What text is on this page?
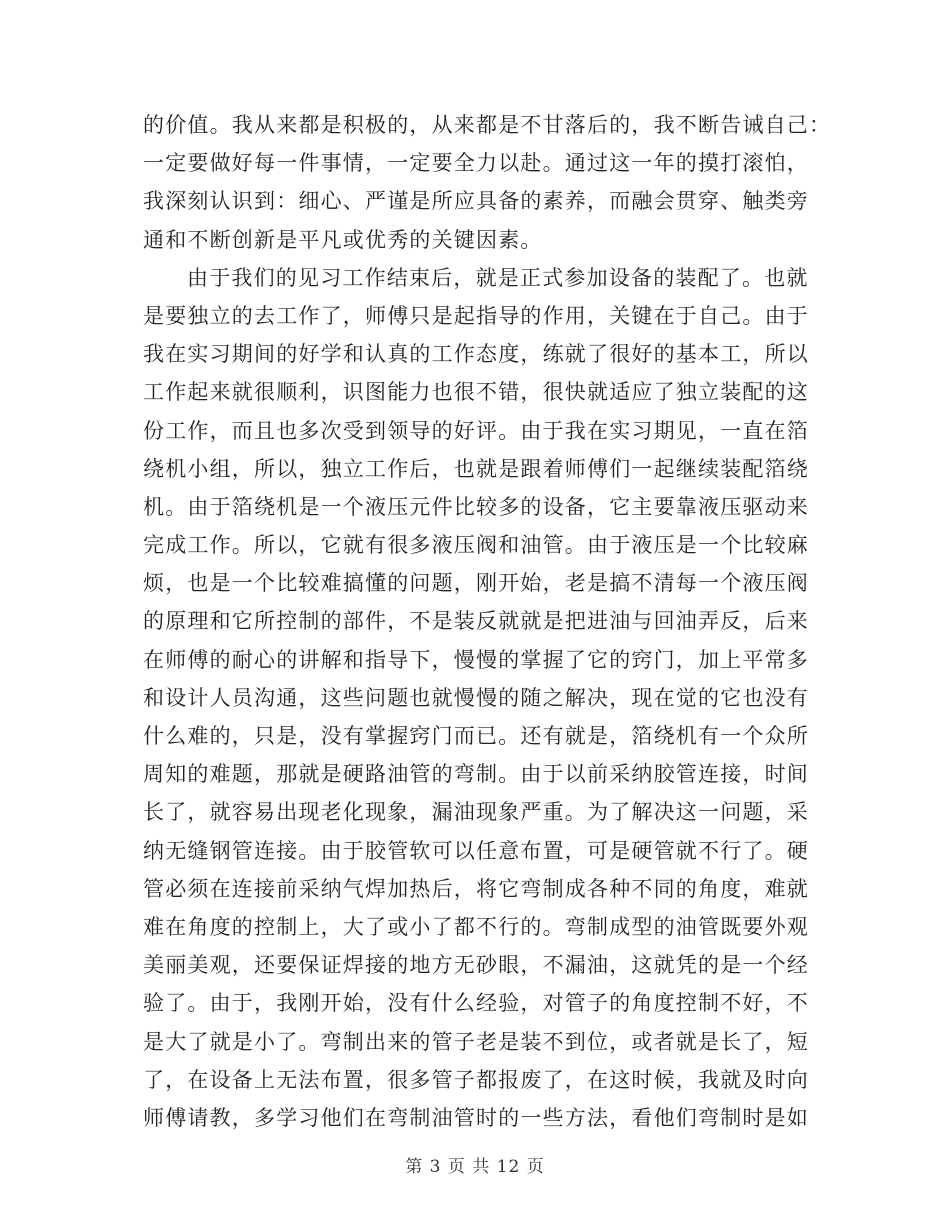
的价值。我从来都是积极的，从来都是不甘落后的，我不断告诫自己：
一定要做好每一件事情，一定要全力以赴。通过这一年的摸打滚怕，
我深刻认识到：细心、严谨是所应具备的素养，而融会贯穿、触类旁
通和不断创新是平凡或优秀的关键因素。
由于我们的见习工作结束后，就是正式参加设备的装配了。也就
是要独立的去工作了，师傅只是起指导的作用，关键在于自己。由于
我在实习期间的好学和认真的工作态度，练就了很好的基本工，所以
工作起来就很顺利，识图能力也很不错，很快就适应了独立装配的这
份工作，而且也多次受到领导的好评。由于我在实习期见，一直在箔
绕机小组，所以，独立工作后，也就是跟着师傅们一起继续装配箔绕
机。由于箔绕机是一个液压元件比较多的设备，它主要靠液压驱动来
完成工作。所以，它就有很多液压阀和油管。由于液压是一个比较麻
烦，也是一个比较难搞懂的问题，刚开始，老是搞不清每一个液压阀
的原理和它所控制的部件，不是装反就就是把进油与回油弄反，后来
在师傅的耐心的讲解和指导下，慢慢的掌握了它的窍门，加上平常多
和设计人员沟通，这些问题也就慢慢的随之解决，现在觉的它也没有
什么难的，只是，没有掌握窍门而已。还有就是，箔绕机有一个众所
周知的难题，那就是硬路油管的弯制。由于以前采纳胶管连接，时间
长了，就容易出现老化现象，漏油现象严重。为了解决这一问题，采
纳无缝钢管连接。由于胶管软可以任意布置，可是硬管就不行了。硬
管必须在连接前采纳气焊加热后，将它弯制成各种不同的角度，难就
难在角度的控制上，大了或小了都不行的。弯制成型的油管既要外观
美丽美观，还要保证焊接的地方无砂眼，不漏油，这就凭的是一个经
验了。由于，我刚开始，没有什么经验，对管子的角度控制不好，不
是大了就是小了。弯制出来的管子老是装不到位，或者就是长了，短
了，在设备上无法布置，很多管子都报废了，在这时候，我就及时向
师傅请教，多学习他们在弯制油管时的一些方法，看他们弯制时是如
第 3 页 共 12 页
